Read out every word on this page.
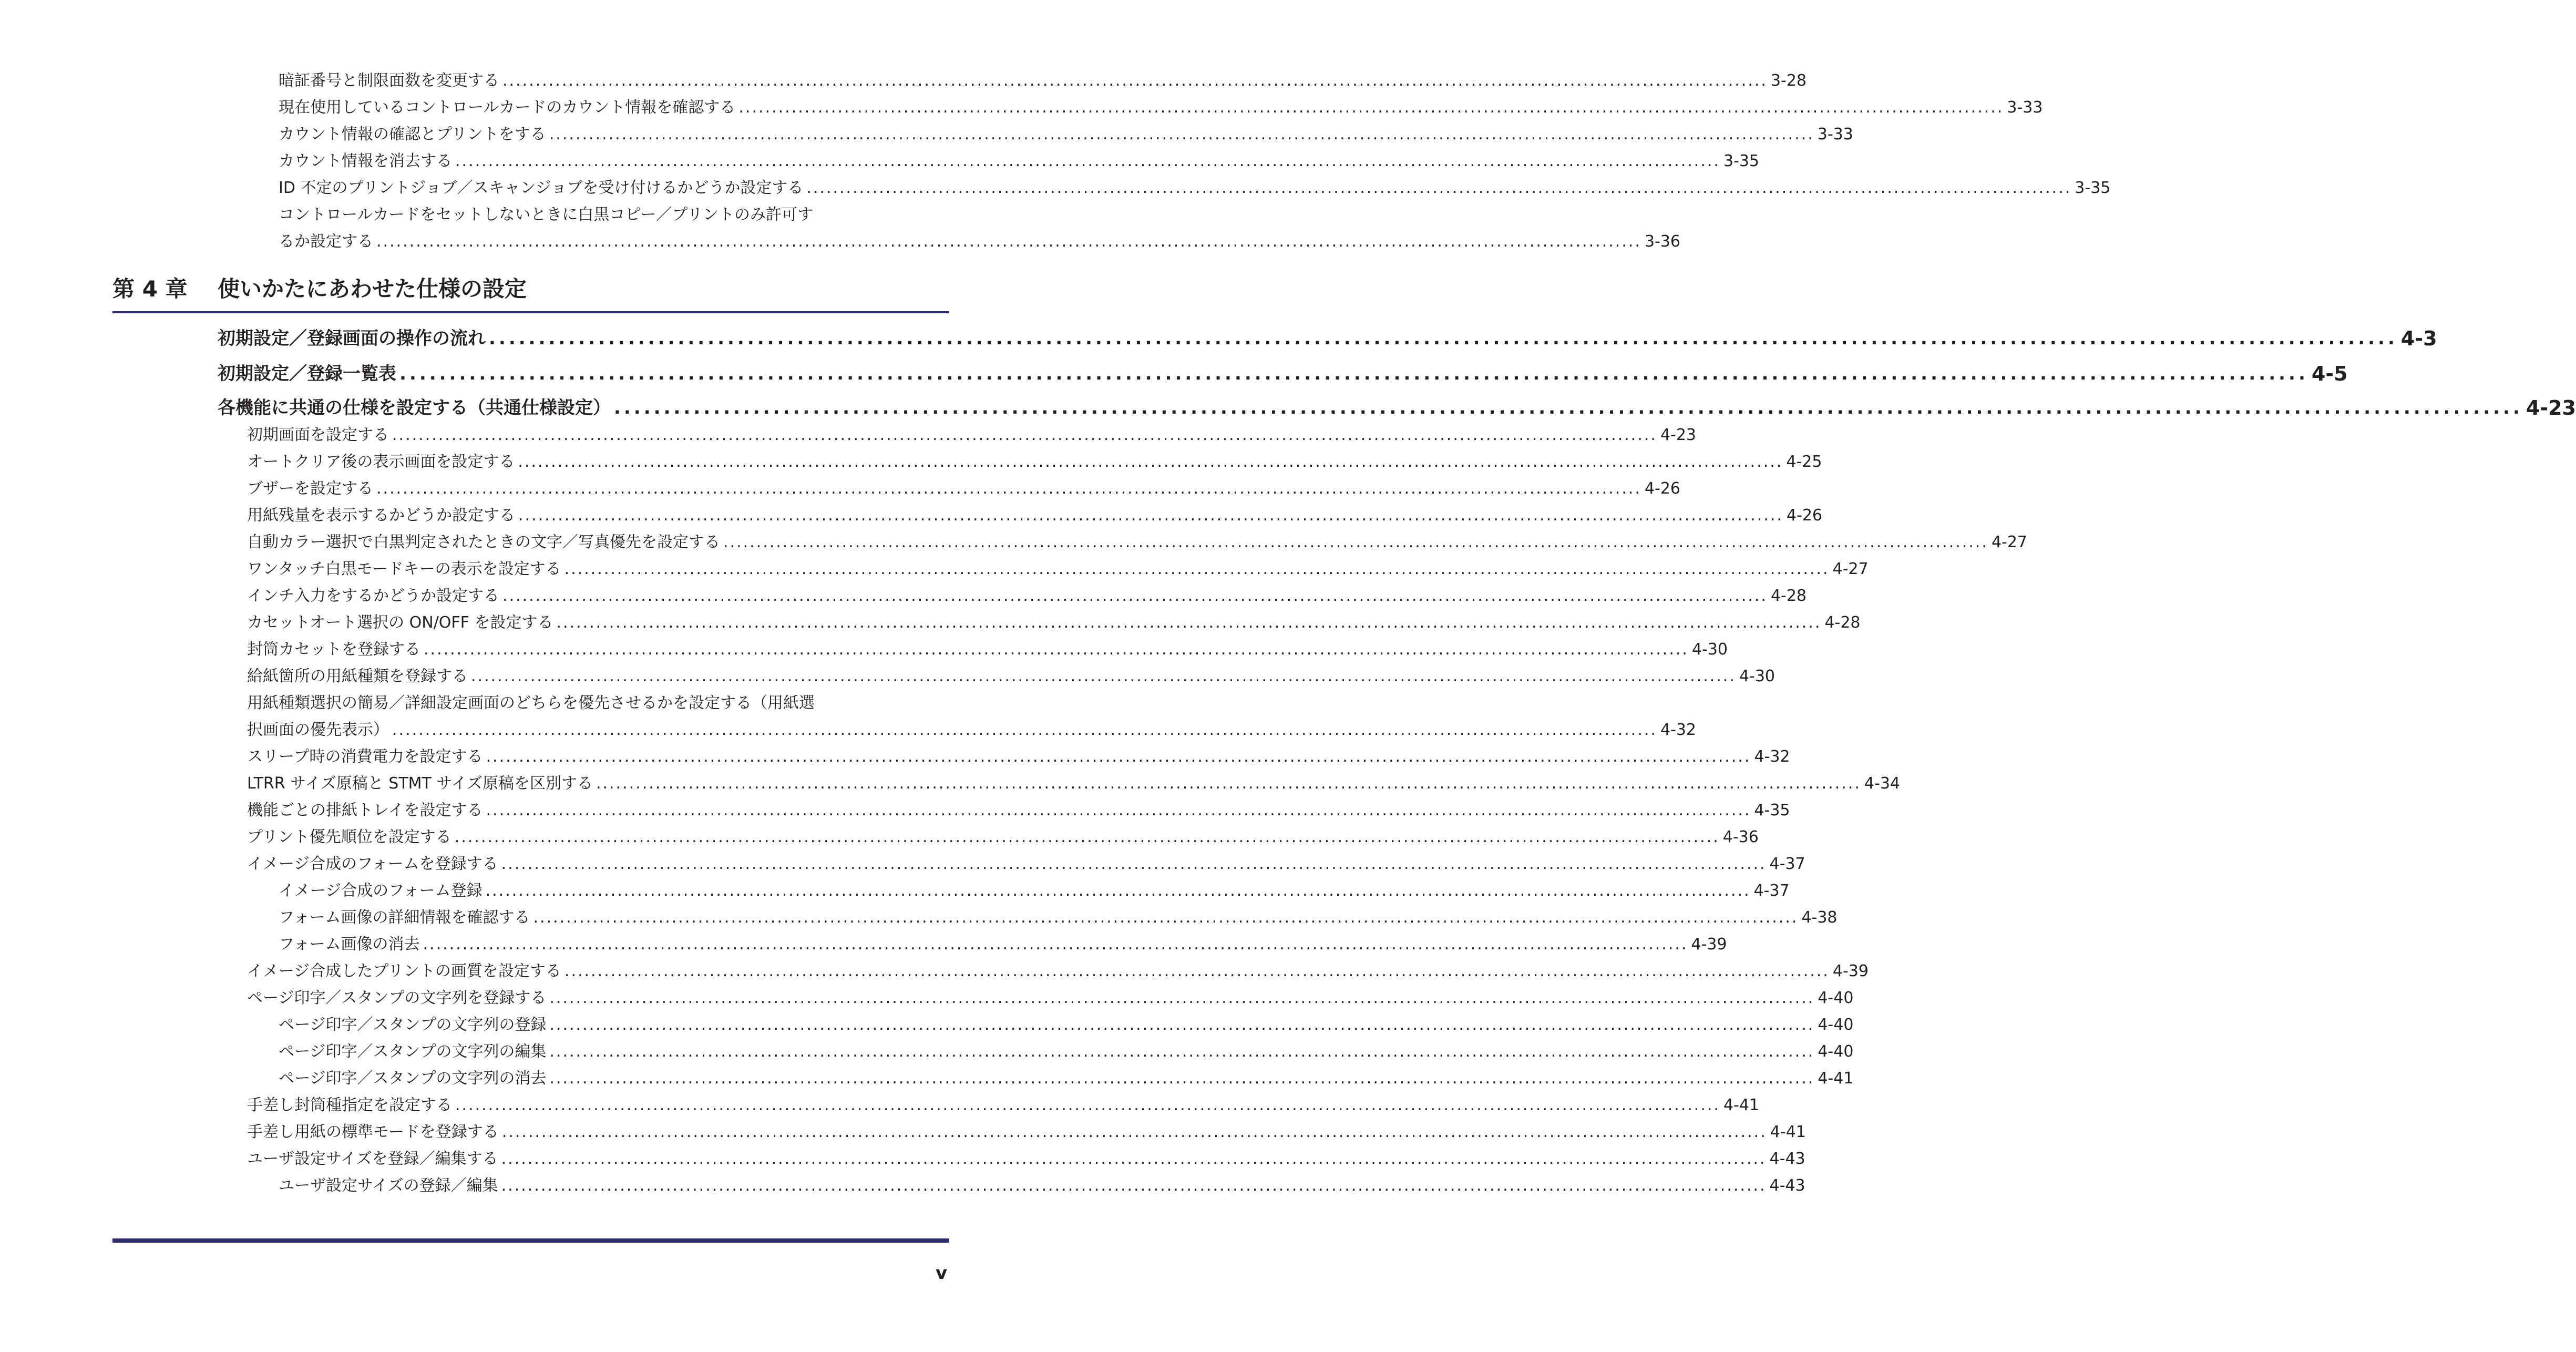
暗証番号と制限面数を変更する ................................................................................................................................................................................................ 3-28
現在使用しているコントロールカードのカウント情報を確認する ................................................................................................................................................................................................ 3-33
カウント情報の確認とプリントをする ................................................................................................................................................................................................ 3-33
カウント情報を消去する ................................................................................................................................................................................................ 3-35
ID 不定のプリントジョブ／スキャンジョブを受け付けるかどうか設定する ................................................................................................................................................................................................ 3-35
コントロールカードをセットしないときに白黒コピー／プリントのみ許可す
るか設定する ................................................................................................................................................................................................ 3-36
第 4 章 使いかたにあわせた仕様の設定
初期設定／登録画面の操作の流れ ................................................................................................................................................................................................ 4-3
初期設定／登録一覧表 ................................................................................................................................................................................................ 4-5
各機能に共通の仕様を設定する（共通仕様設定） ................................................................................................................................................................................................ 4-23
初期画面を設定する ................................................................................................................................................................................................ 4-23
オートクリア後の表示画面を設定する ................................................................................................................................................................................................ 4-25
ブザーを設定する ................................................................................................................................................................................................ 4-26
用紙残量を表示するかどうか設定する ................................................................................................................................................................................................ 4-26
自動カラー選択で白黒判定されたときの文字／写真優先を設定する ................................................................................................................................................................................................ 4-27
ワンタッチ白黒モードキーの表示を設定する ................................................................................................................................................................................................ 4-27
インチ入力をするかどうか設定する ................................................................................................................................................................................................ 4-28
カセットオート選択の ON/OFF を設定する ................................................................................................................................................................................................ 4-28
封筒カセットを登録する ................................................................................................................................................................................................ 4-30
給紙箇所の用紙種類を登録する ................................................................................................................................................................................................ 4-30
用紙種類選択の簡易／詳細設定画面のどちらを優先させるかを設定する（用紙選
択画面の優先表示） ................................................................................................................................................................................................ 4-32
スリープ時の消費電力を設定する ................................................................................................................................................................................................ 4-32
LTRR サイズ原稿と STMT サイズ原稿を区別する ................................................................................................................................................................................................ 4-34
機能ごとの排紙トレイを設定する ................................................................................................................................................................................................ 4-35
プリント優先順位を設定する ................................................................................................................................................................................................ 4-36
イメージ合成のフォームを登録する ................................................................................................................................................................................................ 4-37
イメージ合成のフォーム登録 ................................................................................................................................................................................................ 4-37
フォーム画像の詳細情報を確認する ................................................................................................................................................................................................ 4-38
フォーム画像の消去 ................................................................................................................................................................................................ 4-39
イメージ合成したプリントの画質を設定する ................................................................................................................................................................................................ 4-39
ページ印字／スタンプの文字列を登録する ................................................................................................................................................................................................ 4-40
ページ印字／スタンプの文字列の登録 ................................................................................................................................................................................................ 4-40
ページ印字／スタンプの文字列の編集 ................................................................................................................................................................................................ 4-40
ページ印字／スタンプの文字列の消去 ................................................................................................................................................................................................ 4-41
手差し封筒種指定を設定する ................................................................................................................................................................................................ 4-41
手差し用紙の標準モードを登録する ................................................................................................................................................................................................ 4-41
ユーザ設定サイズを登録／編集する ................................................................................................................................................................................................ 4-43
ユーザ設定サイズの登録／編集 ................................................................................................................................................................................................ 4-43
v
